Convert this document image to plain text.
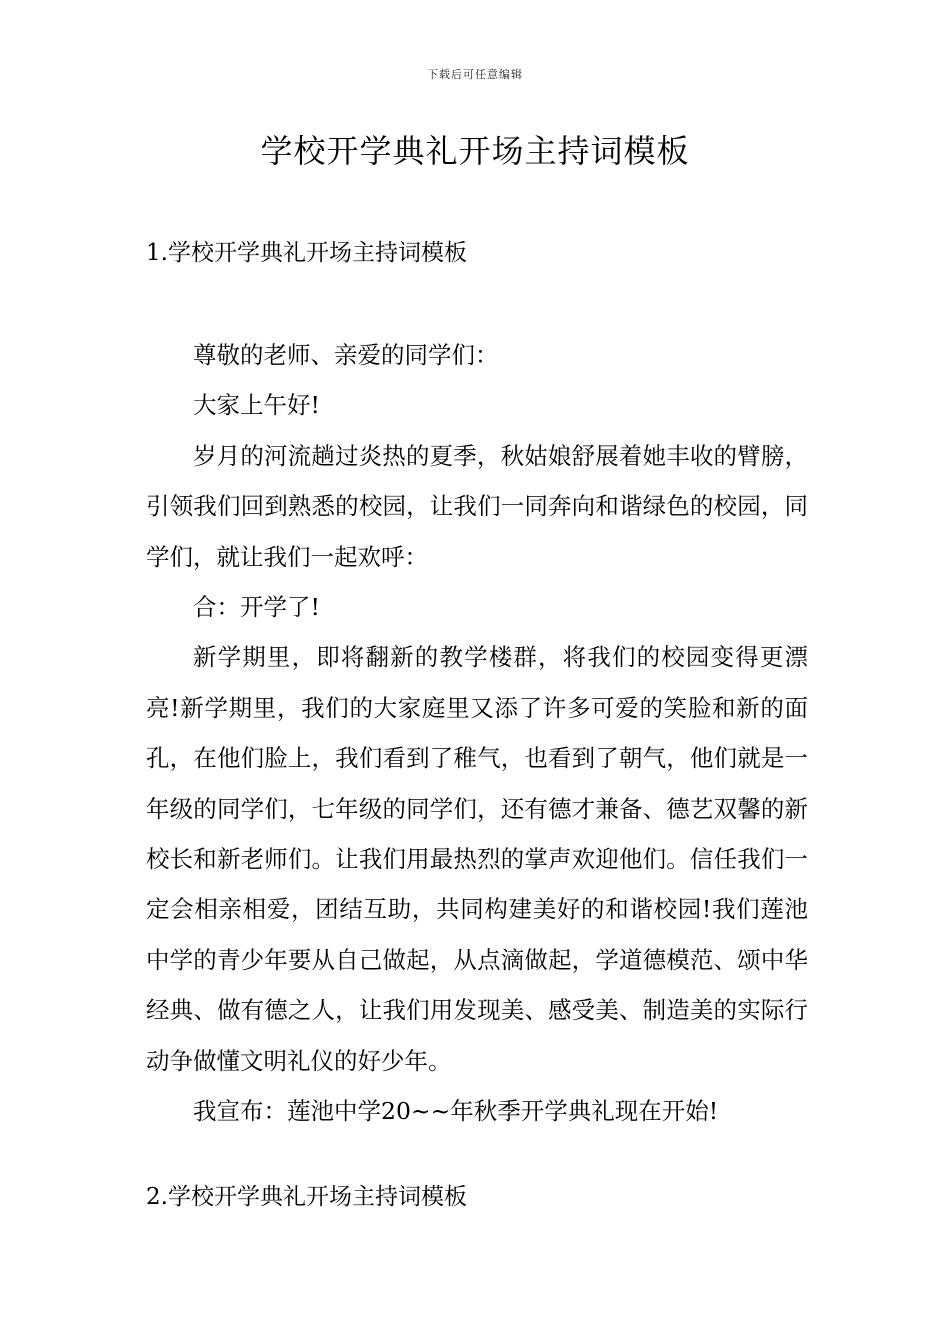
下载后可任意编辑
学校开学典礼开场主持词模板
1.学校开学典礼开场主持词模板

尊敬的老师、亲爱的同学们：

大家上午好!

岁月的河流趟过炎热的夏季，秋姑娘舒展着她丰收的臂膀，引领我们回到熟悉的校园，让我们一同奔向和谐绿色的校园，同学们，就让我们一起欢呼：

合：开学了!

新学期里，即将翻新的教学楼群，将我们的校园变得更漂亮!新学期里，我们的大家庭里又添了许多可爱的笑脸和新的面孔，在他们脸上，我们看到了稚气，也看到了朝气，他们就是一年级的同学们，七年级的同学们，还有德才兼备、德艺双馨的新校长和新老师们。让我们用最热烈的掌声欢迎他们。信任我们一定会相亲相爱，团结互助，共同构建美好的和谐校园!我们莲池中学的青少年要从自己做起，从点滴做起，学道德模范、颂中华经典、做有德之人，让我们用发现美、感受美、制造美的实际行动争做懂文明礼仪的好少年。

我宣布：莲池中学20~~年秋季开学典礼现在开始!

2.学校开学典礼开场主持词模板
